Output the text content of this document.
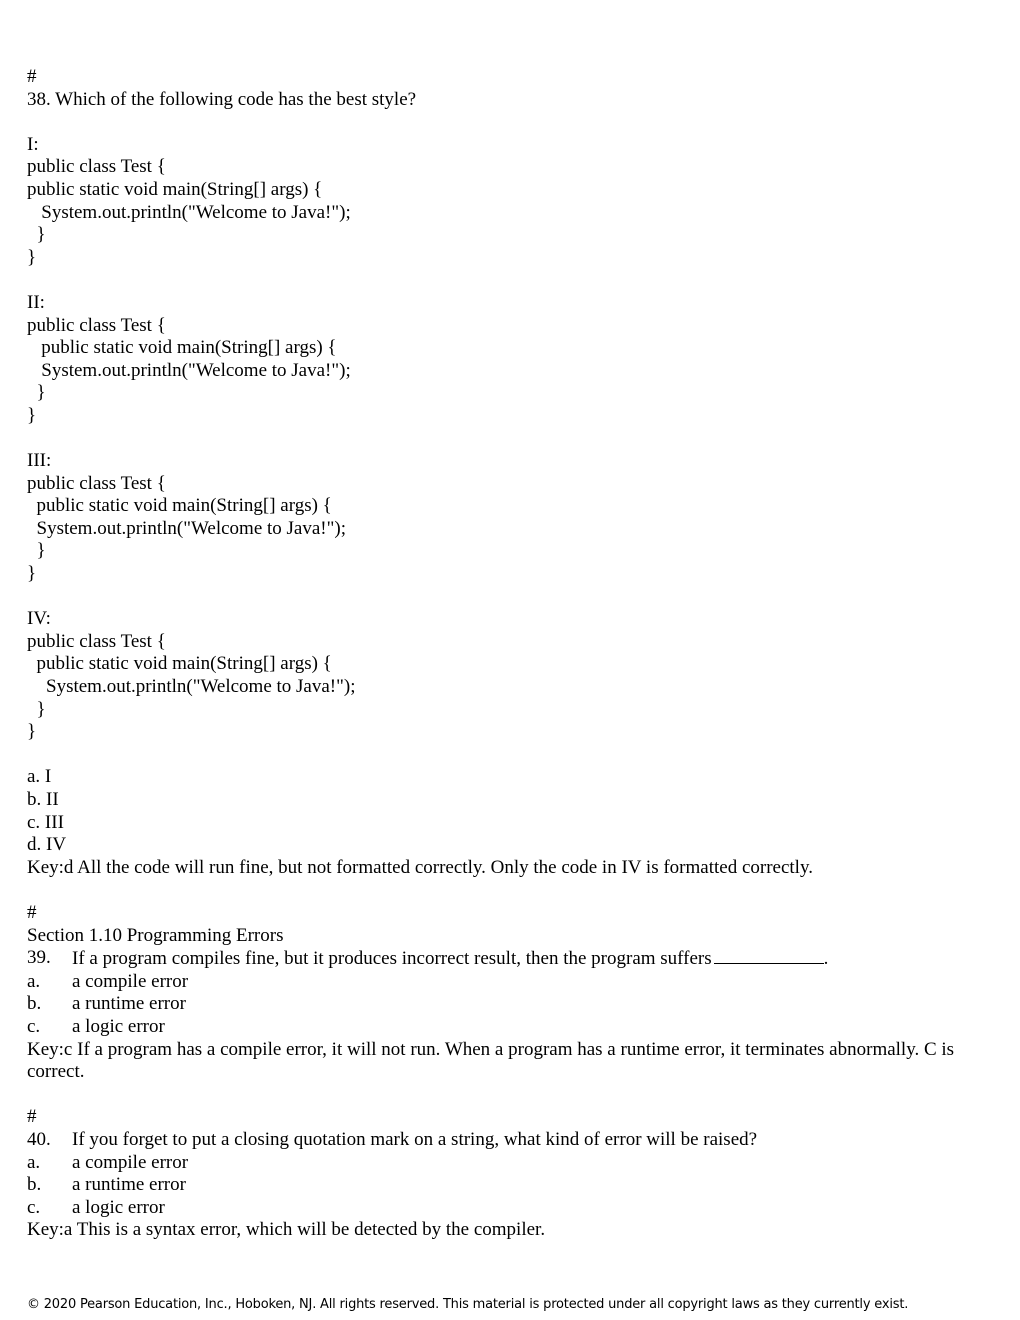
#
38. Which of the following code has the best style?
I:
public class Test {
public static void main(String[] args) {
System.out.println("Welcome to Java!");
}
}
II:
public class Test {
public static void main(String[] args) {
System.out.println("Welcome to Java!");
}
}
III:
public class Test {
public static void main(String[] args) {
System.out.println("Welcome to Java!");
}
}
IV:
public class Test {
public static void main(String[] args) {
System.out.println("Welcome to Java!");
}
}
a. I
b. II
c. III
d. IV
Key:d All the code will run fine, but not formatted correctly. Only the code in IV is formatted correctly.
#
Section 1.10 Programming Errors
39.	If a program compiles fine, but it produces incorrect result, then the program suffers	.
a.	a compile error
b.	a runtime error
c.	a logic error
Key:c If a program has a compile error, it will not run. When a program has a runtime error, it terminates abnormally. C is correct.
#
40.	If you forget to put a closing quotation mark on a string, what kind of error will be raised?
a.	a compile error
b.	a runtime error
c.	a logic error
Key:a This is a syntax error, which will be detected by the compiler.
© 2020 Pearson Education, Inc., Hoboken, NJ. All rights reserved. This material is protected under all copyright laws as they currently exist.
